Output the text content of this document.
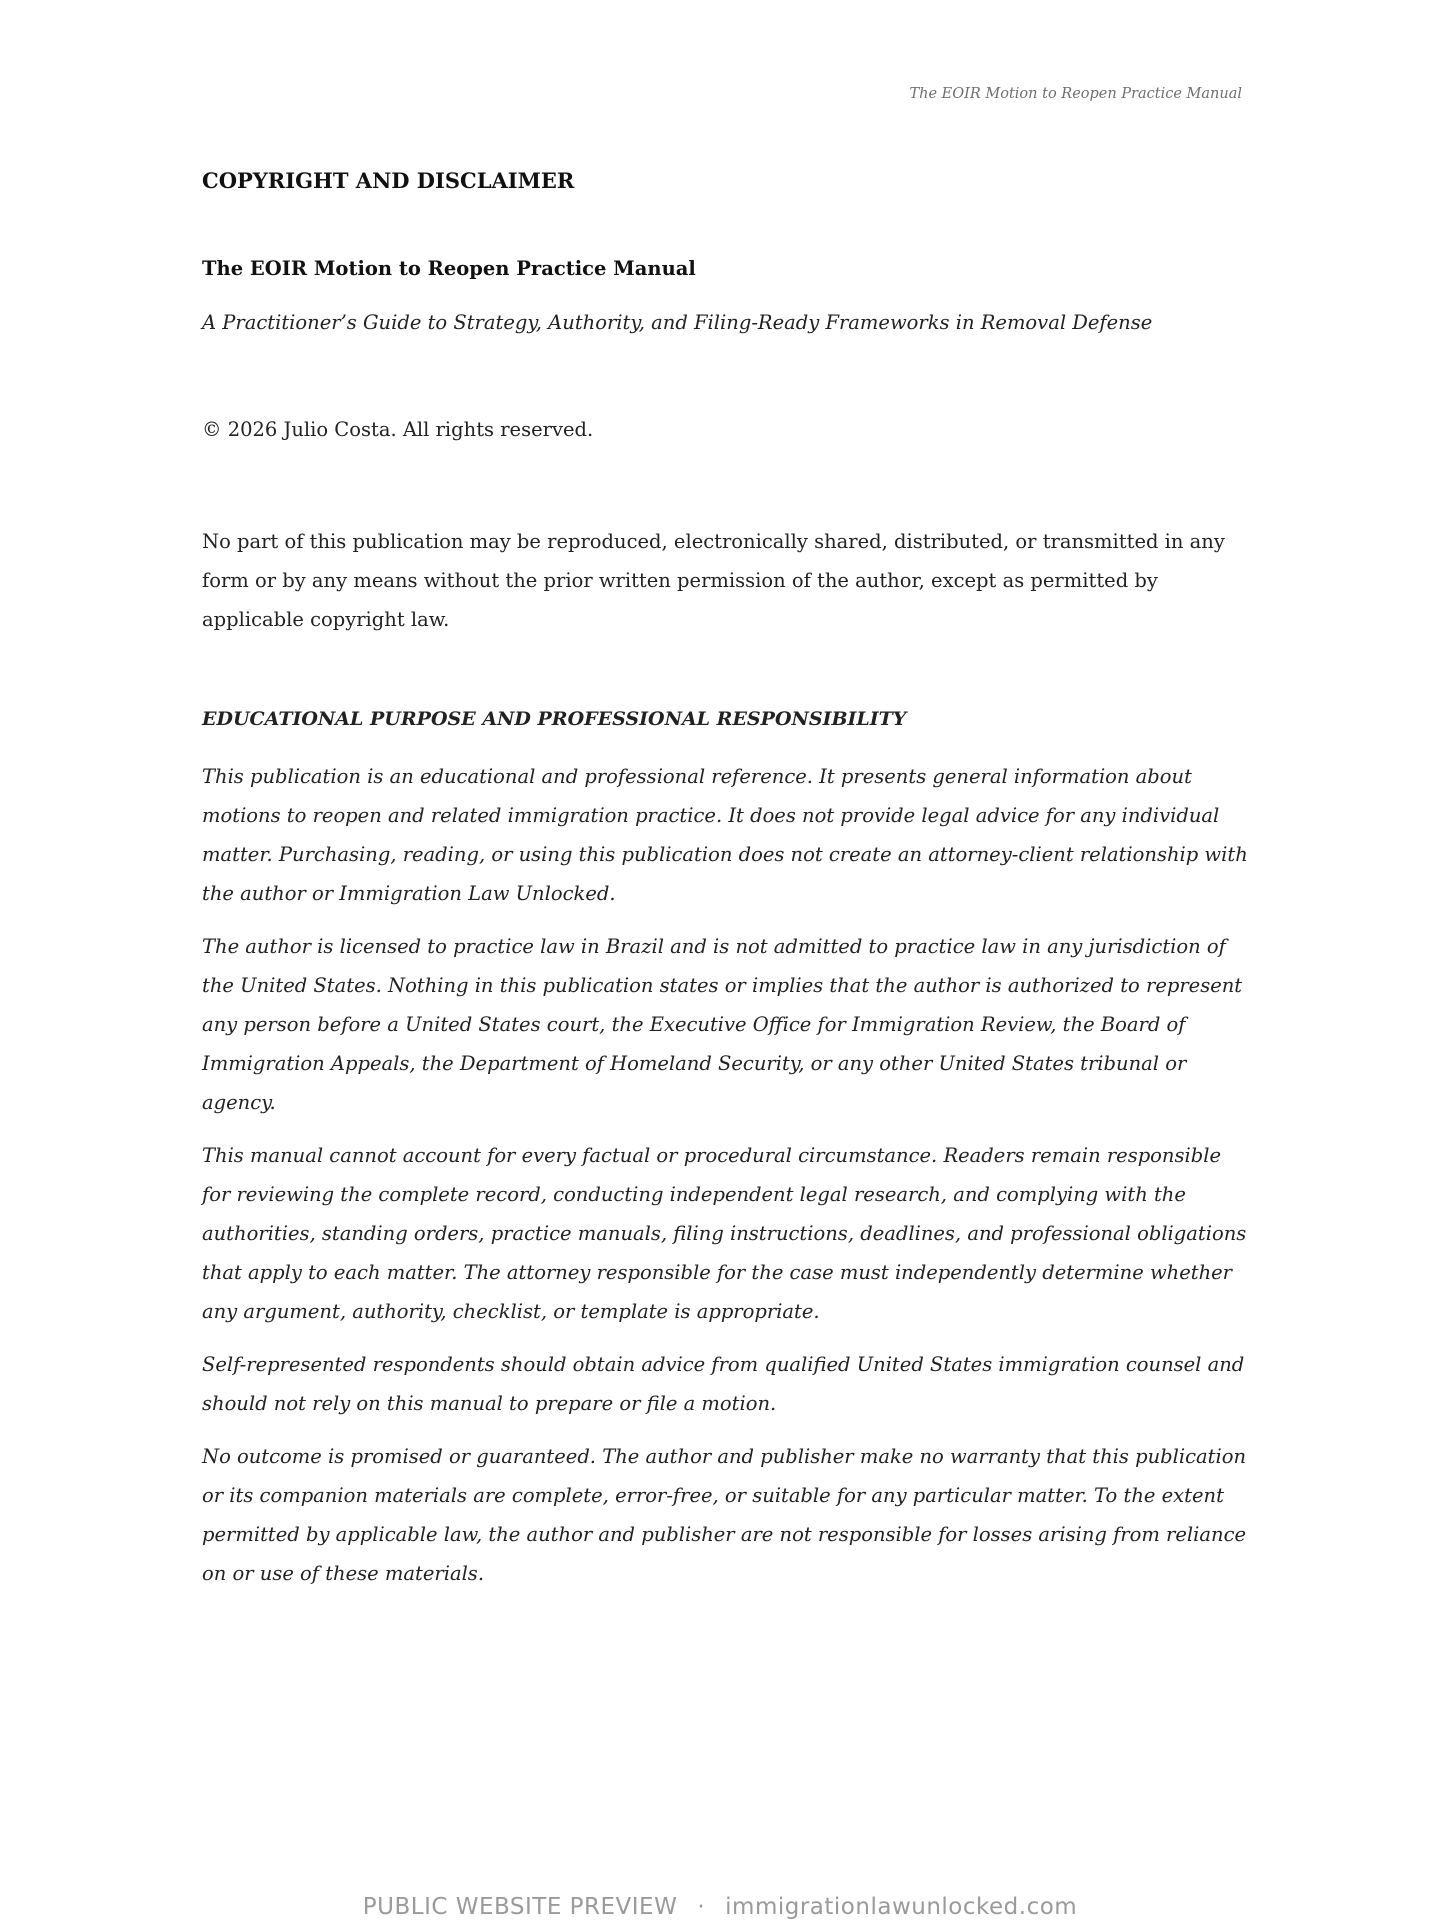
The EOIR Motion to Reopen Practice Manual
COPYRIGHT AND DISCLAIMER
The EOIR Motion to Reopen Practice Manual

A Practitioner’s Guide to Strategy, Authority, and Filing-Ready Frameworks in Removal Defense

© 2026 Julio Costa. All rights reserved.

No part of this publication may be reproduced, electronically shared, distributed, or transmitted in any form or by any means without the prior written permission of the author, except as permitted by applicable copyright law.

EDUCATIONAL PURPOSE AND PROFESSIONAL RESPONSIBILITY

This publication is an educational and professional reference. It presents general information about motions to reopen and related immigration practice. It does not provide legal advice for any individual matter. Purchasing, reading, or using this publication does not create an attorney-client relationship with the author or Immigration Law Unlocked.

The author is licensed to practice law in Brazil and is not admitted to practice law in any jurisdiction of the United States. Nothing in this publication states or implies that the author is authorized to represent any person before a United States court, the Executive Office for Immigration Review, the Board of Immigration Appeals, the Department of Homeland Security, or any other United States tribunal or agency.

This manual cannot account for every factual or procedural circumstance. Readers remain responsible for reviewing the complete record, conducting independent legal research, and complying with the authorities, standing orders, practice manuals, filing instructions, deadlines, and professional obligations that apply to each matter. The attorney responsible for the case must independently determine whether any argument, authority, checklist, or template is appropriate.

Self-represented respondents should obtain advice from qualified United States immigration counsel and should not rely on this manual to prepare or file a motion.

No outcome is promised or guaranteed. The author and publisher make no warranty that this publication or its companion materials are complete, error-free, or suitable for any particular matter. To the extent permitted by applicable law, the author and publisher are not responsible for losses arising from reliance on or use of these materials.

PUBLIC WEBSITE PREVIEW · immigrationlawunlocked.com
